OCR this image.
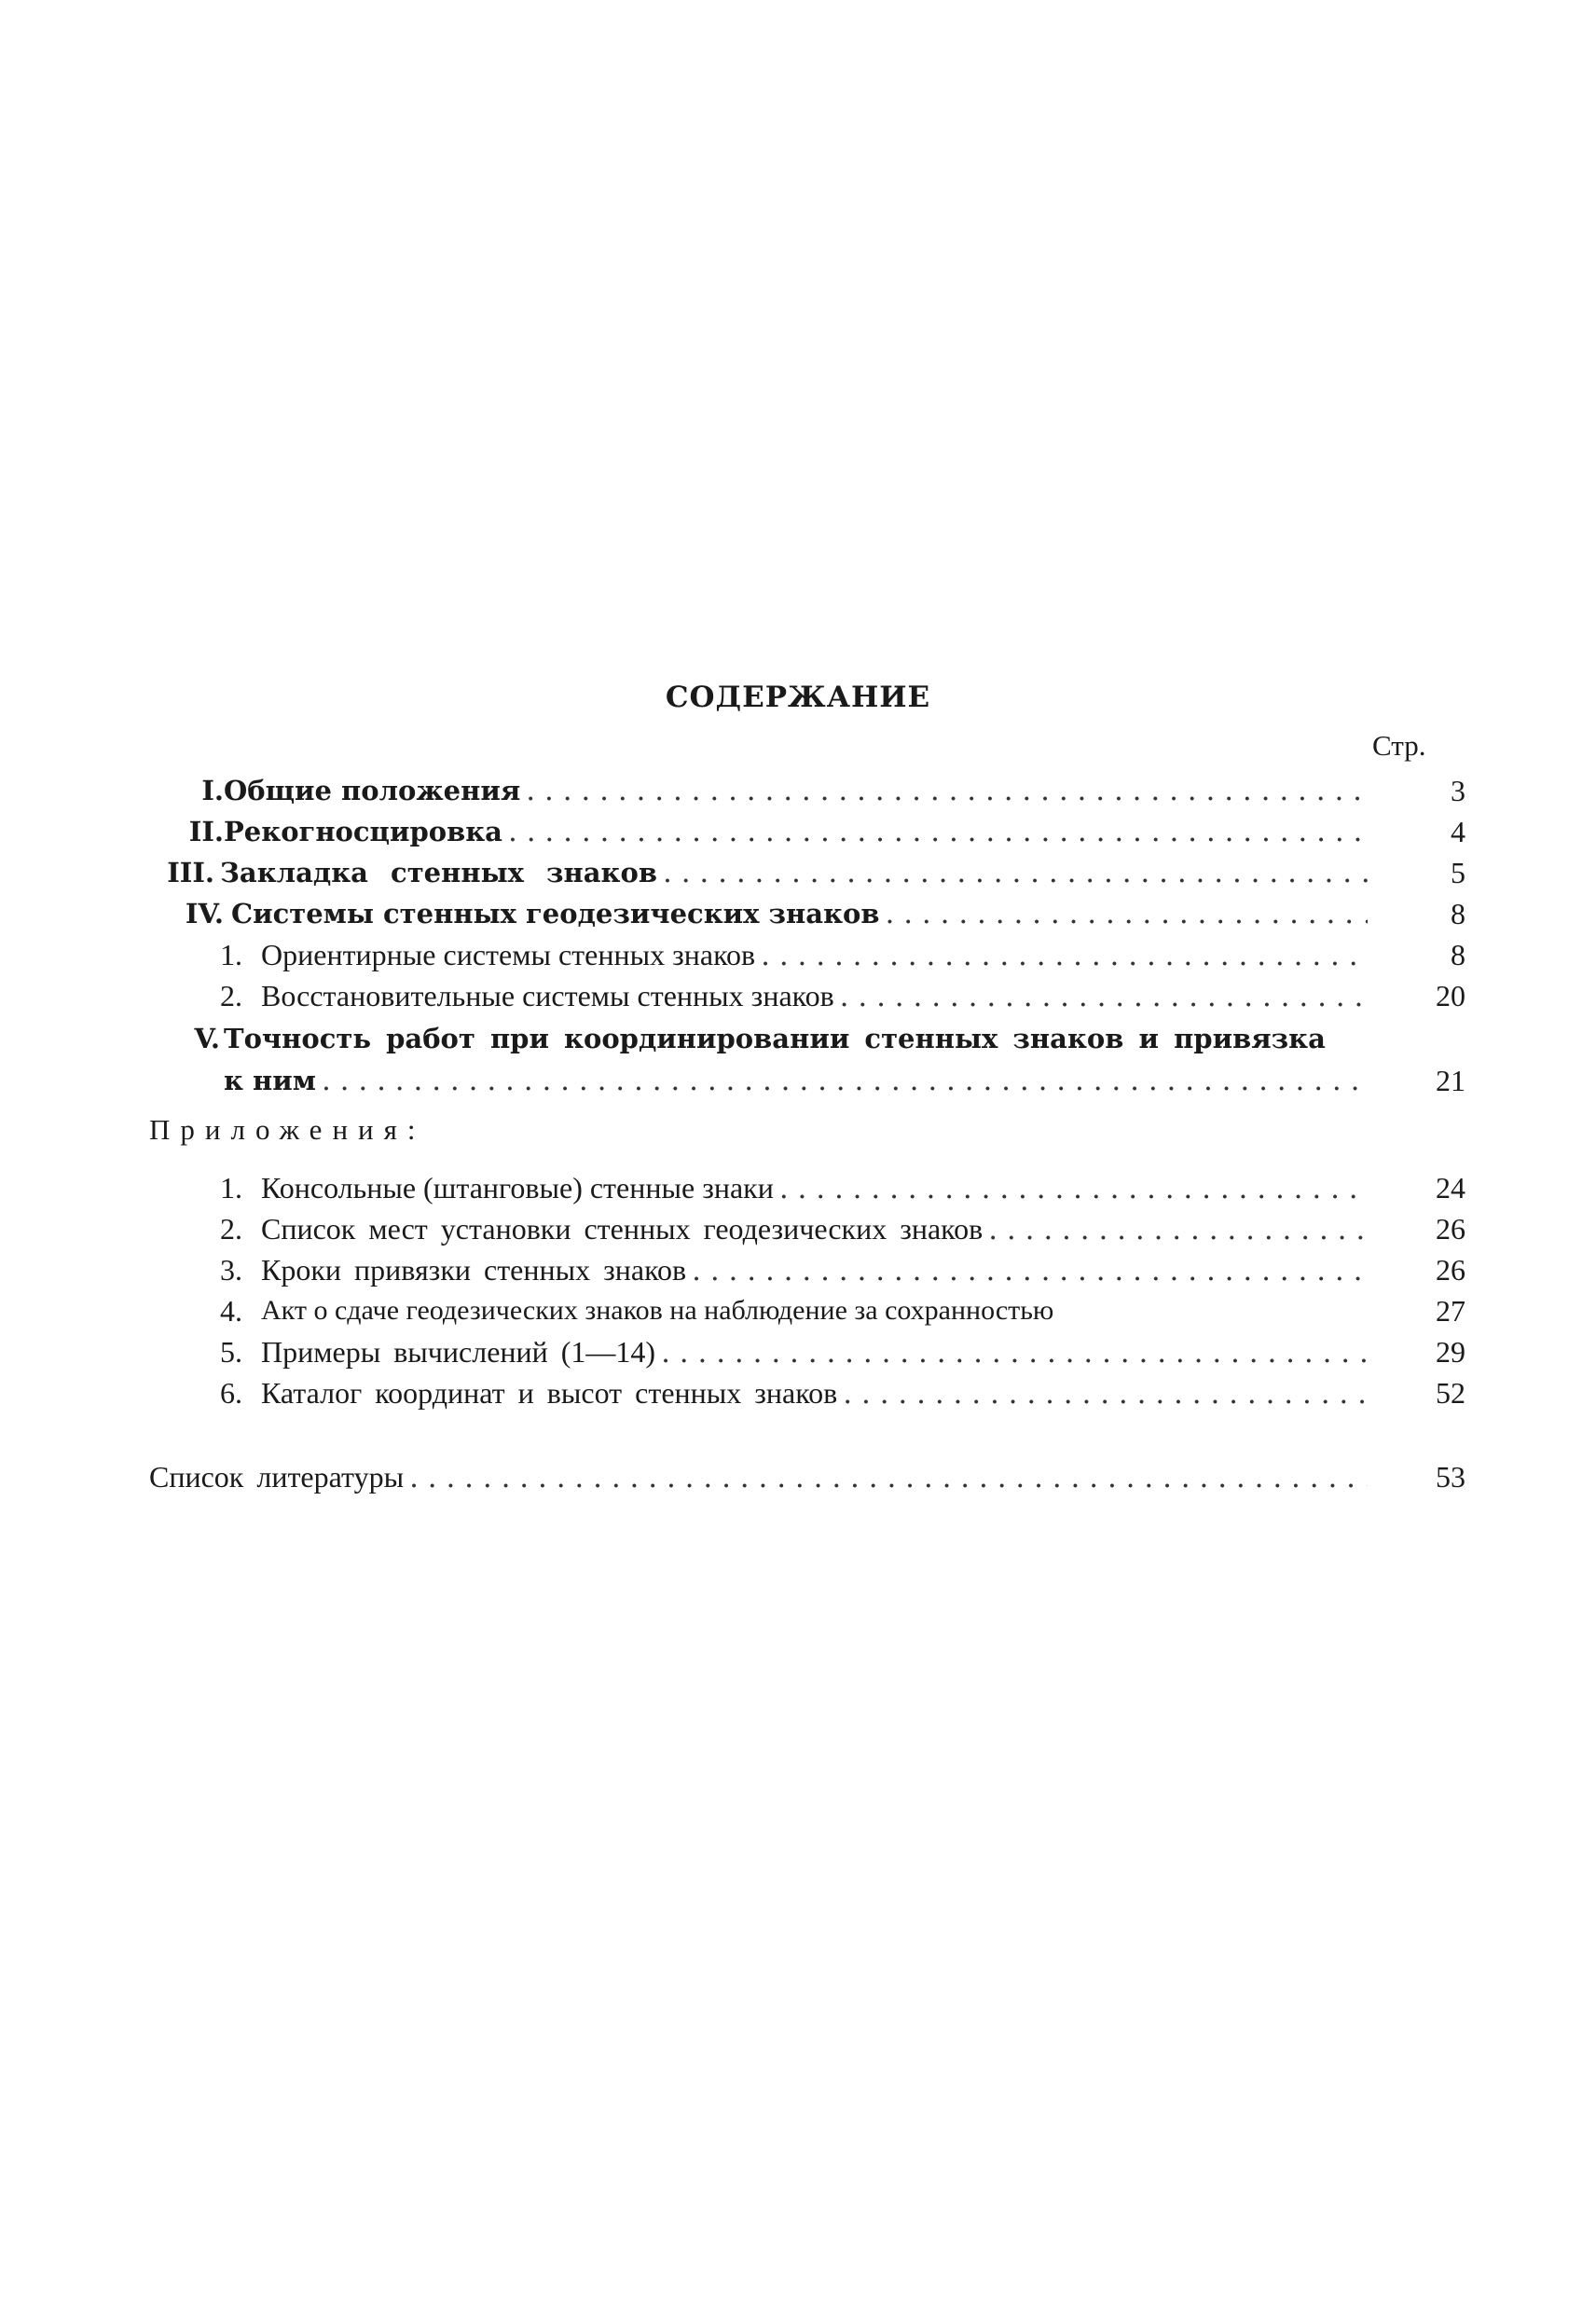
СОДЕРЖАНИЕ
Стр.
I. Общие положения . . .	3
II. Рекогносцировка . . .	4
III. Закладка стенных знаков . . .	5
IV. Системы стенных геодезических знаков . . .	8
1. Ориентирные системы стенных знаков . . .	8
2. Восстановительные системы стенных знаков . . .	20
V. Точность работ при координировании стенных знаков и привязка
к ним . . .	21
Приложения:
1. Консольные (штанговые) стенные знаки . . .	24
2. Список мест установки стенных геодезических знаков . . .	26
3. Кроки привязки стенных знаков . . .	26
4. Акт о сдаче геодезических знаков на наблюдение за сохранностью	27
5. Примеры вычислений (1—14) . . .	29
6. Каталог координат и высот стенных знаков . . .	52
Список литературы . . .	53
